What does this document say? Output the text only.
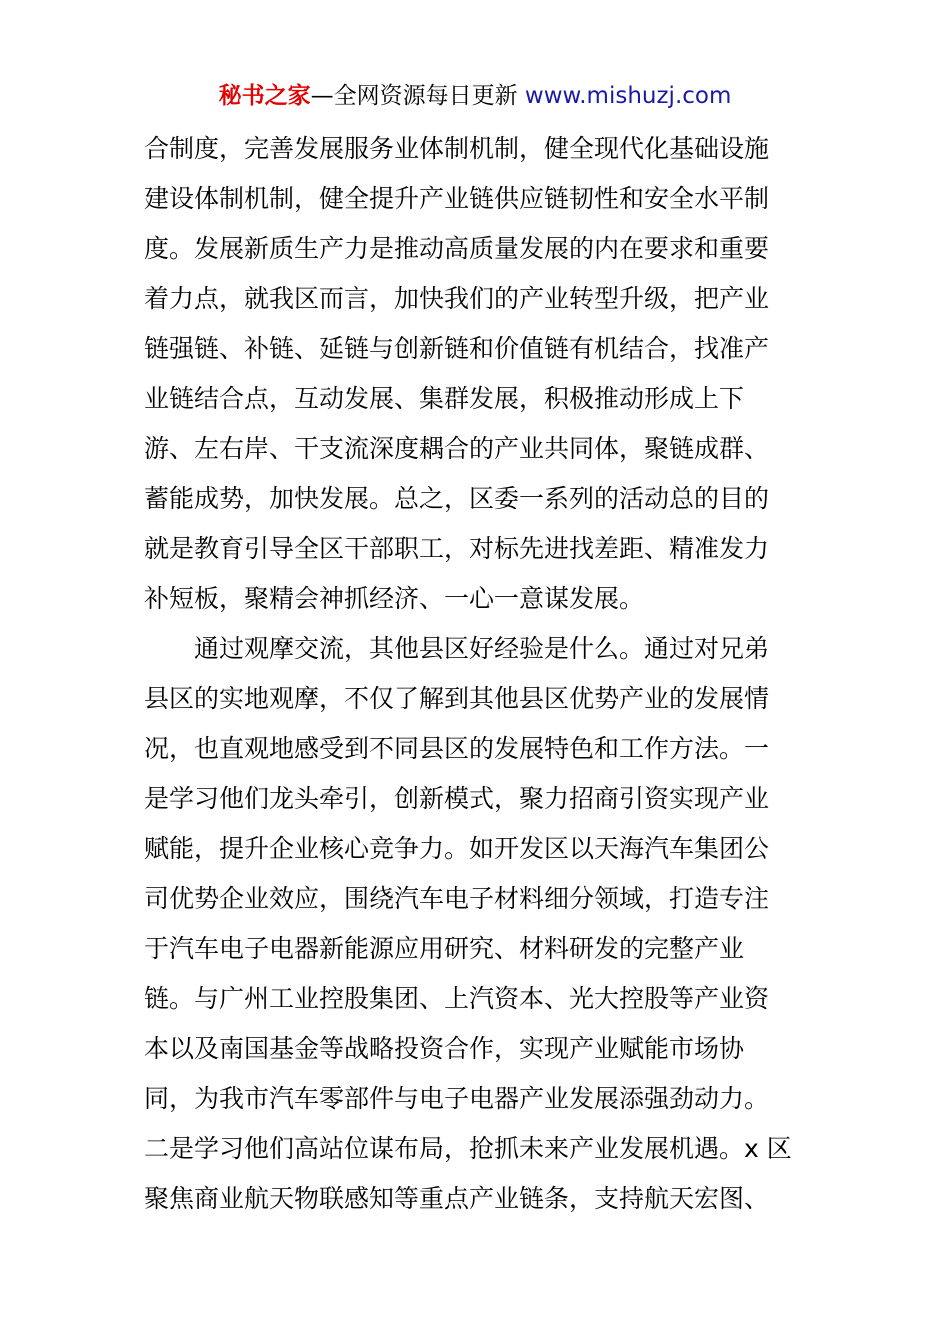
秘书之家—全网资源每日更新 www.mishuzj.com
合制度，完善发展服务业体制机制，健全现代化基础设施
建设体制机制，健全提升产业链供应链韧性和安全水平制
度。发展新质生产力是推动高质量发展的内在要求和重要
着力点，就我区而言，加快我们的产业转型升级，把产业
链强链、补链、延链与创新链和价值链有机结合，找准产
业链结合点，互动发展、集群发展，积极推动形成上下
游、左右岸、干支流深度耦合的产业共同体，聚链成群、
蓄能成势，加快发展。总之，区委一系列的活动总的目的
就是教育引导全区干部职工，对标先进找差距、精准发力
补短板，聚精会神抓经济、一心一意谋发展。
通过观摩交流，其他县区好经验是什么。通过对兄弟
县区的实地观摩，不仅了解到其他县区优势产业的发展情
况，也直观地感受到不同县区的发展特色和工作方法。一
是学习他们龙头牵引，创新模式，聚力招商引资实现产业
赋能，提升企业核心竞争力。如开发区以天海汽车集团公
司优势企业效应，围绕汽车电子材料细分领域，打造专注
于汽车电子电器新能源应用研究、材料研发的完整产业
链。与广州工业控股集团、上汽资本、光大控股等产业资
本以及南国基金等战略投资合作，实现产业赋能市场协
同，为我市汽车零部件与电子电器产业发展添强劲动力。
二是学习他们高站位谋布局，抢抓未来产业发展机遇。x 区
聚焦商业航天物联感知等重点产业链条，支持航天宏图、
